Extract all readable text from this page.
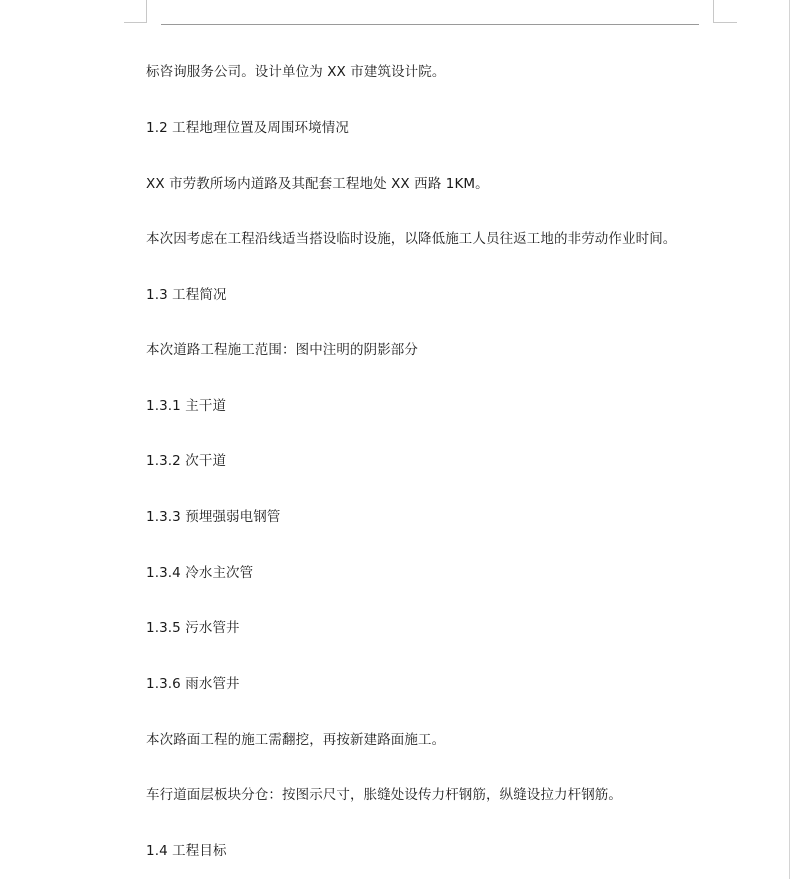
标咨询服务公司。设计单位为 XX 市建筑设计院。
1.2 工程地理位置及周围环境情况
XX 市劳教所场内道路及其配套工程地处 XX 西路 1KM。
本次因考虑在工程沿线适当搭设临时设施，以降低施工人员往返工地的非劳动作业时间。
1.3 工程简况
本次道路工程施工范围：图中注明的阴影部分
1.3.1 主干道
1.3.2 次干道
1.3.3 预埋强弱电钢管
1.3.4 冷水主次管
1.3.5 污水管井
1.3.6 雨水管井
本次路面工程的施工需翻挖，再按新建路面施工。
车行道面层板块分仓：按图示尺寸，胀缝处设传力杆钢筋，纵缝设拉力杆钢筋。
1.4 工程目标
